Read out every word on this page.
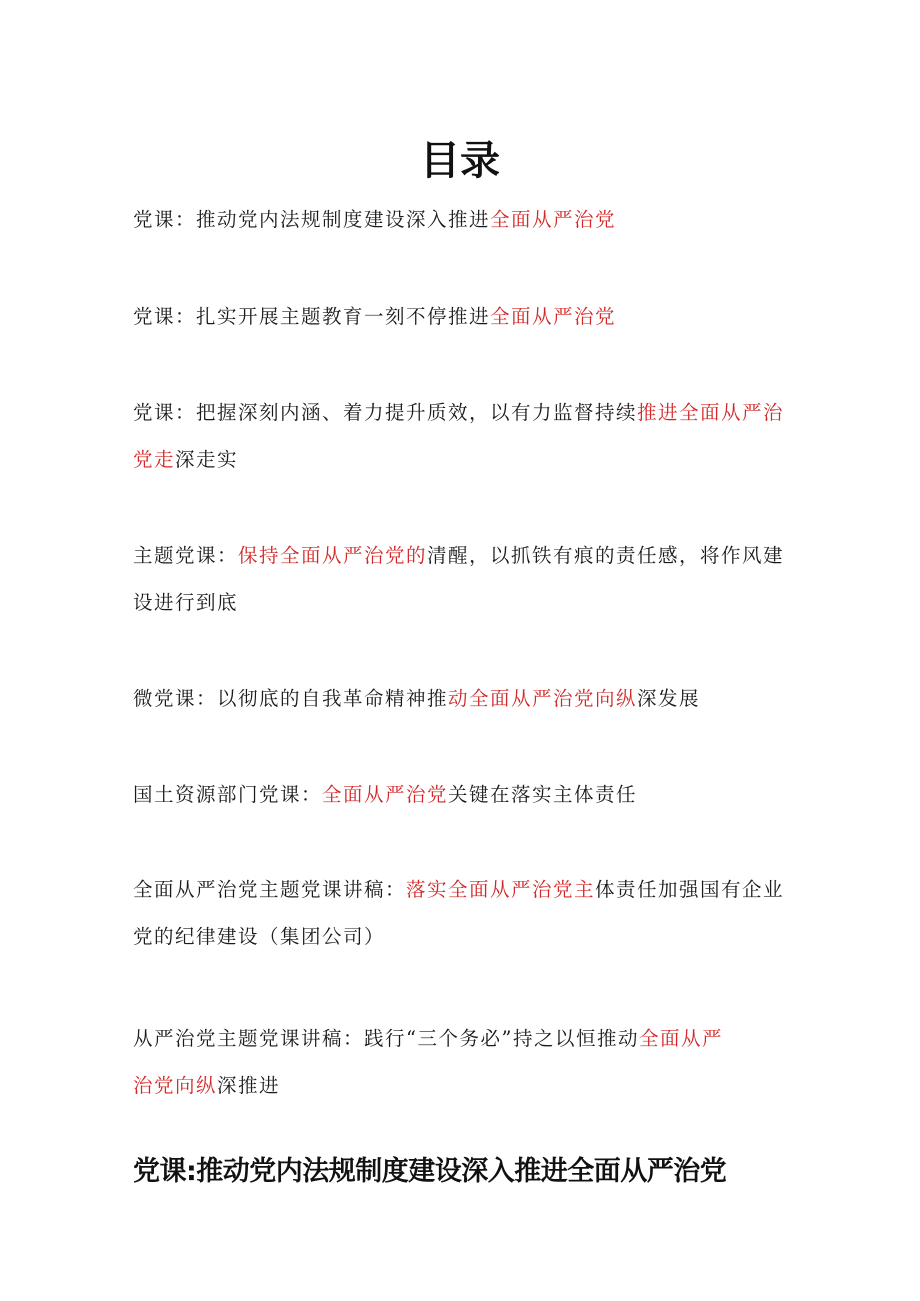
目录

党课：推动党内法规制度建设深入推进全面从严治党

党课：扎实开展主题教育一刻不停推进全面从严治党

党课：把握深刻内涵、着力提升质效，以有力监督持续推进全面从严治党走深走实

主题党课：保持全面从严治党的清醒，以抓铁有痕的责任感，将作风建设进行到底

微党课：以彻底的自我革命精神推动全面从严治党向纵深发展

国土资源部门党课：全面从严治党关键在落实主体责任

全面从严治党主题党课讲稿：落实全面从严治党主体责任加强国有企业党的纪律建设（集团公司）

从严治党主题党课讲稿：践行“三个务必”持之以恒推动全面从严治党向纵深推进

党课:推动党内法规制度建设深入推进全面从严治党
